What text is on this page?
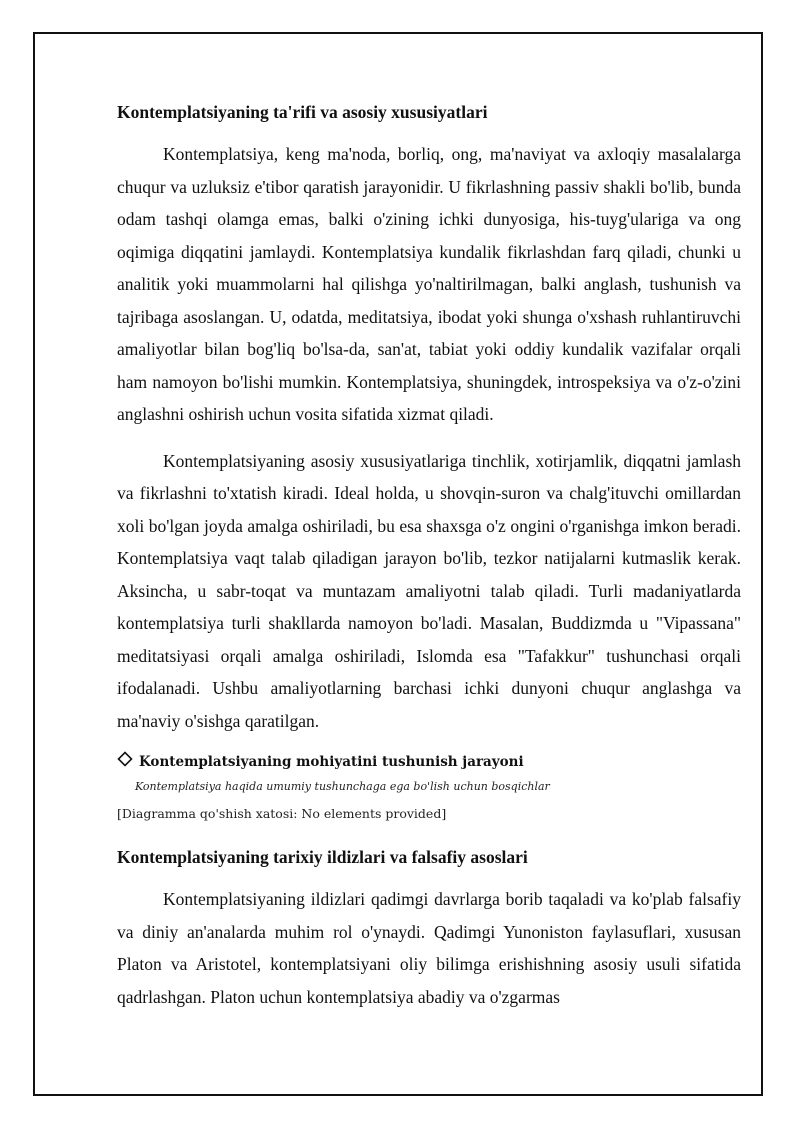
Kontemplatsiyaning ta'rifi va asosiy xususiyatlari

Kontemplatsiya, keng ma'noda, borliq, ong, ma'naviyat va axloqiy masalalarga chuqur va uzluksiz e'tibor qaratish jarayonidir. U fikrlashning passiv shakli bo'lib, bunda odam tashqi olamga emas, balki o'zining ichki dunyosiga, his-tuyg'ulariga va ong oqimiga diqqatini jamlaydi. Kontemplatsiya kundalik fikrlashdan farq qiladi, chunki u analitik yoki muammolarni hal qilishga yo'naltirilmagan, balki anglash, tushunish va tajribaga asoslangan. U, odatda, meditatsiya, ibodat yoki shunga o'xshash ruhlantiruvchi amaliyotlar bilan bog'liq bo'lsa-da, san'at, tabiat yoki oddiy kundalik vazifalar orqali ham namoyon bo'lishi mumkin. Kontemplatsiya, shuningdek, introspeksiya va o'z-o'zini anglashni oshirish uchun vosita sifatida xizmat qiladi.

Kontemplatsiyaning asosiy xususiyatlariga tinchlik, xotirjamlik, diqqatni jamlash va fikrlashni to'xtatish kiradi. Ideal holda, u shovqin-suron va chalg'ituvchi omillardan xoli bo'lgan joyda amalga oshiriladi, bu esa shaxsga o'z ongini o'rganishga imkon beradi. Kontemplatsiya vaqt talab qiladigan jarayon bo'lib, tezkor natijalarni kutmaslik kerak. Aksincha, u sabr-toqat va muntazam amaliyotni talab qiladi. Turli madaniyatlarda kontemplatsiya turli shakllarda namoyon bo'ladi. Masalan, Buddizmda u "Vipassana" meditatsiyasi orqali amalga oshiriladi, Islomda esa "Tafakkur" tushunchasi orqali ifodalanadi. Ushbu amaliyotlarning barchasi ichki dunyoni chuqur anglashga va ma'naviy o'sishga qaratilgan.

Kontemplatsiyaning mohiyatini tushunish jarayoni
Kontemplatsiya haqida umumiy tushunchaga ega bo'lish uchun bosqichlar
[Diagramma qo'shish xatosi: No elements provided]
Kontemplatsiyaning tarixiy ildizlari va falsafiy asoslari

Kontemplatsiyaning ildizlari qadimgi davrlarga borib taqaladi va ko'plab falsafiy va diniy an'analarda muhim rol o'ynaydi. Qadimgi Yunoniston faylasuflari, xususan Platon va Aristotel, kontemplatsiyani oliy bilimga erishishning asosiy usuli sifatida qadrlashgan. Platon uchun kontemplatsiya abadiy va o'zgarmas
